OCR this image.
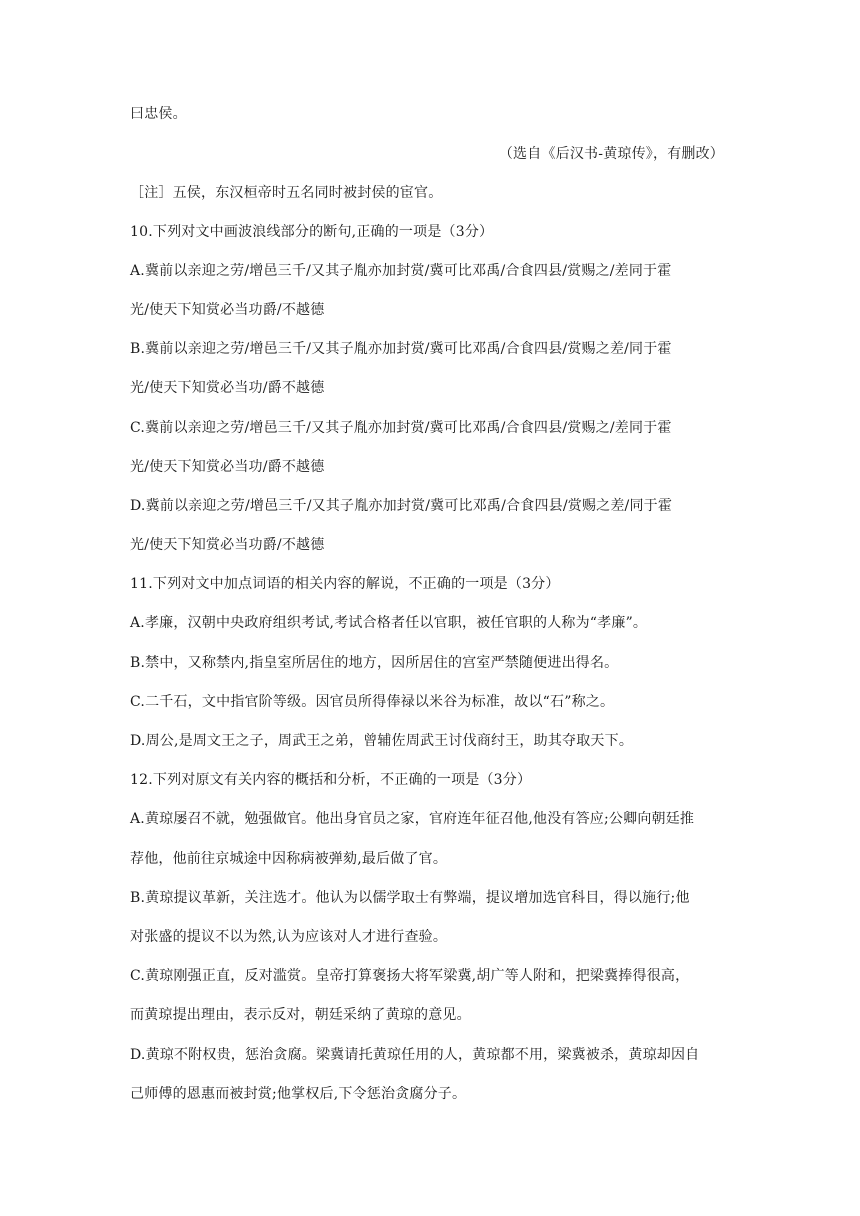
曰忠侯。
（选自《后汉书-黄琼传》，有删改）
［注］五侯，东汉桓帝时五名同时被封侯的宦官。
10.下列对文中画波浪线部分的断句,正确的一项是（3分）
A.冀前以亲迎之劳/增邑三千/又其子胤亦加封赏/冀可比邓禹/合食四县/赏赐之/差同于霍
光/使天下知赏必当功爵/不越德
B.冀前以亲迎之劳/增邑三千/又其子胤亦加封赏/冀可比邓禹/合食四县/赏赐之差/同于霍
光/使天下知赏必当功/爵不越德
C.冀前以亲迎之劳/增邑三千/又其子胤亦加封赏/冀可比邓禹/合食四县/赏赐之/差同于霍
光/使天下知赏必当功/爵不越德
D.冀前以亲迎之劳/增邑三千/又其子胤亦加封赏/冀可比邓禹/合食四县/赏赐之差/同于霍
光/使天下知赏必当功爵/不越德
11.下列对文中加点词语的相关内容的解说，不正确的一项是（3分）
A.孝廉，汉朝中央政府组织考试,考试合格者任以官职，被任官职的人称为“孝廉”。
B.禁中，又称禁内,指皇室所居住的地方，因所居住的宫室严禁随便进出得名。
C.二千石，文中指官阶等级。因官员所得俸禄以米谷为标准，故以“石”称之。
D.周公,是周文王之子，周武王之弟，曾辅佐周武王讨伐商纣王，助其夺取天下。
12.下列对原文有关内容的概括和分析，不正确的一项是（3分）
A.黄琼屡召不就，勉强做官。他出身官员之家，官府连年征召他,他没有答应;公卿向朝廷推
荐他，他前往京城途中因称病被弹劾,最后做了官。
B.黄琼提议革新，关注选才。他认为以儒学取士有弊端，提议增加选官科目，得以施行;他
对张盛的提议不以为然,认为应该对人才进行查验。
C.黄琼刚强正直，反对滥赏。皇帝打算褒扬大将军梁冀,胡广等人附和，把梁冀捧得很高，
而黄琼提出理由，表示反对，朝廷采纳了黄琼的意见。
D.黄琼不附权贵，惩治贪腐。梁冀请托黄琼任用的人，黄琼都不用，梁冀被杀，黄琼却因自
己师傅的恩惠而被封赏;他掌权后,下令惩治贪腐分子。
